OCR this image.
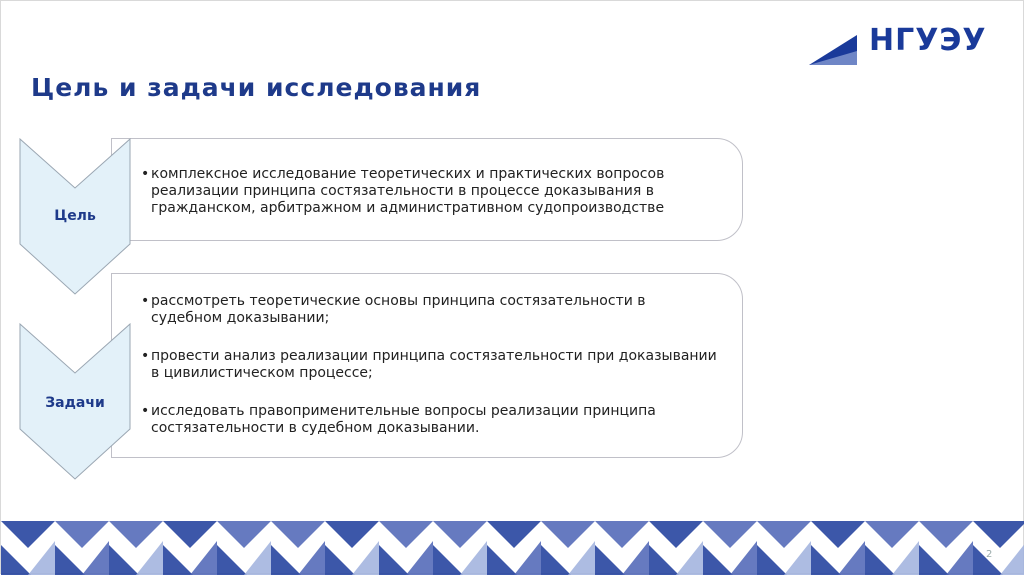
НГУЭУ
Цель и задачи исследования
Цель
• комплексное исследование теоретических и практических вопросов реализации принципа состязательности в процессе доказывания в гражданском, арбитражном и административном судопроизводстве
Задачи
• рассмотреть теоретические основы принципа состязательности в судебном доказывании;
• провести анализ реализации принципа состязательности при доказывании в цивилистическом процессе;
• исследовать правоприменительные вопросы реализации принципа состязательности в судебном доказывании.
2
